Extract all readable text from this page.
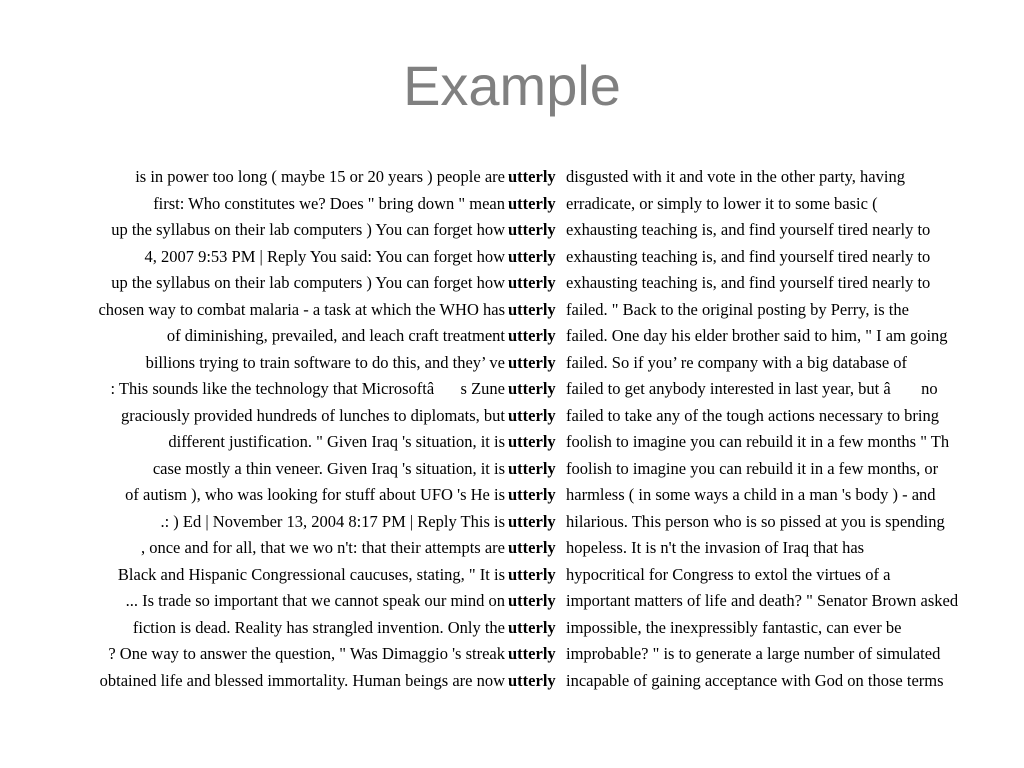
Example
is in power too long ( maybe 15 or 20 years ) people are utterly disgusted with it and vote in the other party, having
first: Who constitutes we? Does " bring down " mean utterly erradicate, or simply to lower it to some basic (
up the syllabus on their lab computers ) You can forget how utterly exhausting teaching is, and find yourself tired nearly to
4, 2007 9:53 PM | Reply You said: You can forget how utterly exhausting teaching is, and find yourself tired nearly to
up the syllabus on their lab computers ) You can forget how utterly exhausting teaching is, and find yourself tired nearly to
chosen way to combat malaria - a task at which the WHO has utterly failed. " Back to the original posting by Perry, is the
of diminishing, prevailed, and leach craft treatment utterly failed. One day his elder brother said to him, " I am going
billions trying to train software to do this, and they’ ve utterly failed. So if you’ re company with a big database of
: This sounds like the technology that Microsoftâs Zune utterly failed to get anybody interested in last year, but â no
graciously provided hundreds of lunches to diplomats, but utterly failed to take any of the tough actions necessary to bring
different justification. " Given Iraq 's situation, it is utterly foolish to imagine you can rebuild it in a few months " Th
case mostly a thin veneer. Given Iraq 's situation, it is utterly foolish to imagine you can rebuild it in a few months, or
of autism ), who was looking for stuff about UFO 's He is utterly harmless ( in some ways a child in a man 's body ) - and
.: ) Ed | November 13, 2004 8:17 PM | Reply This is utterly hilarious. This person who is so pissed at you is spending
, once and for all, that we wo n't: that their attempts are utterly hopeless. It is n't the invasion of Iraq that has
Black and Hispanic Congressional caucuses, stating, " It is utterly hypocritical for Congress to extol the virtues of a
... Is trade so important that we cannot speak our mind on utterly important matters of life and death? " Senator Brown asked
fiction is dead. Reality has strangled invention. Only the utterly impossible, the inexpressibly fantastic, can ever be
? One way to answer the question, " Was Dimaggio 's streak utterly improbable? " is to generate a large number of simulated
obtained life and blessed immortality. Human beings are now utterly incapable of gaining acceptance with God on those terms
